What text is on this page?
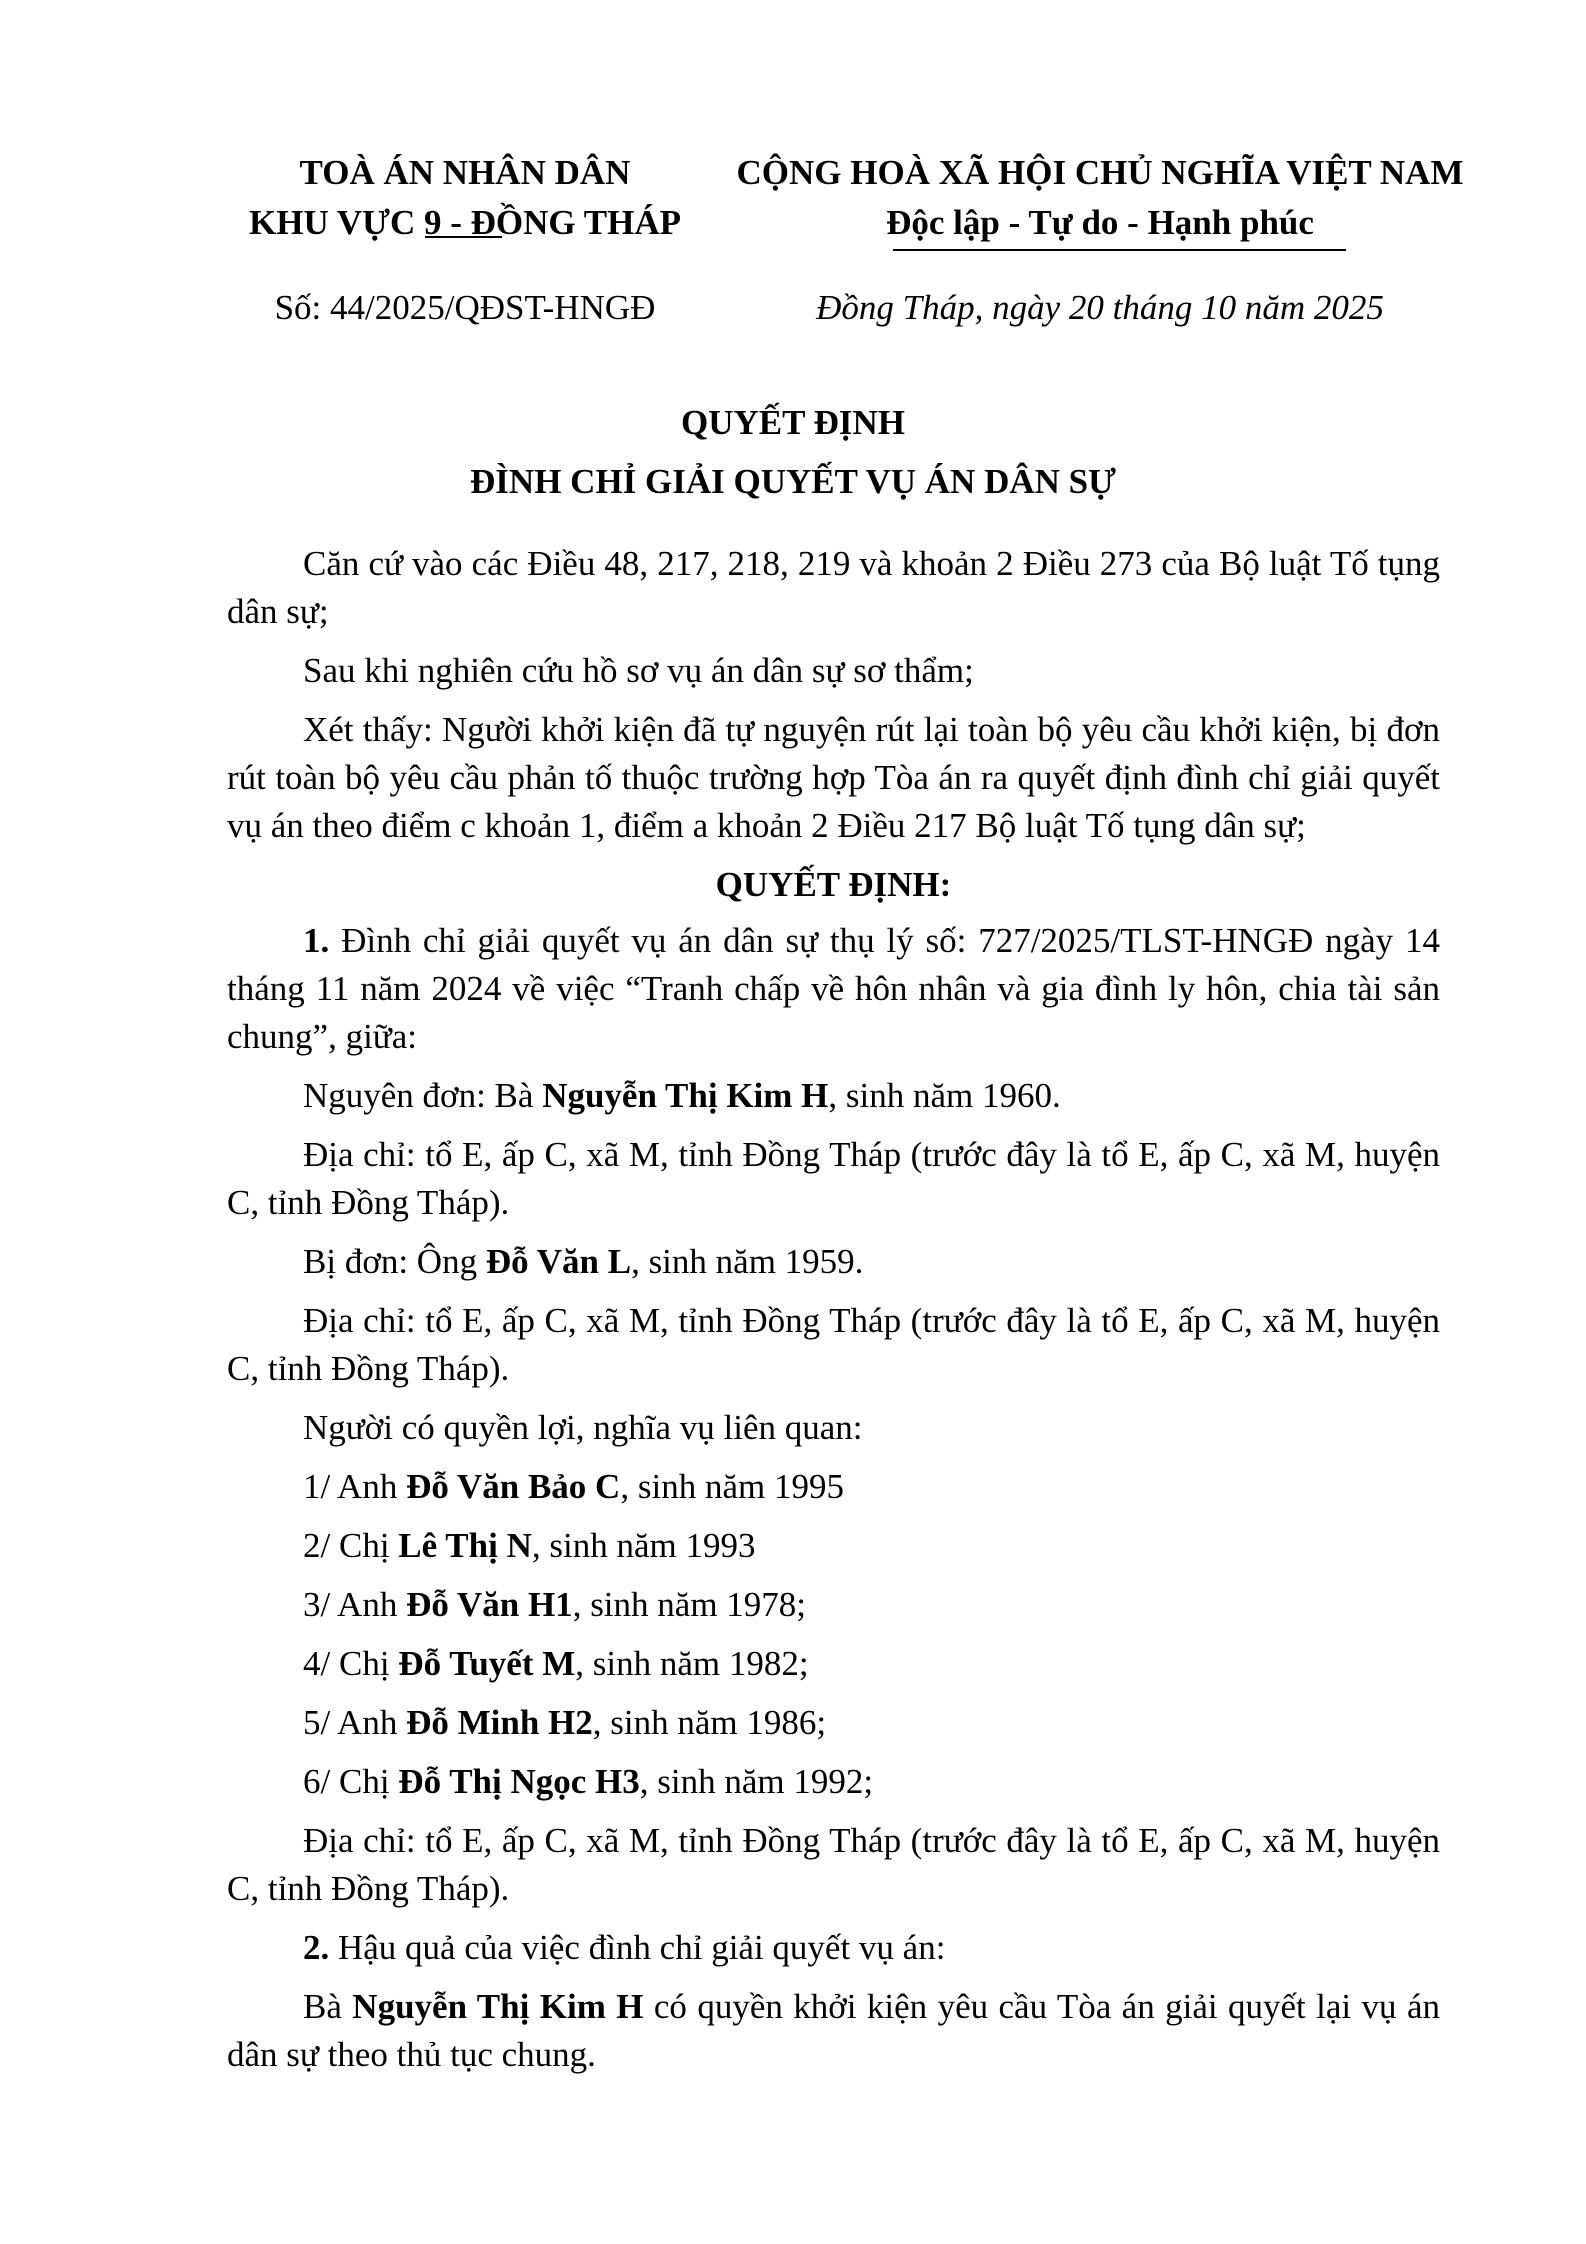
TOÀ ÁN NHÂN DÂN
KHU VỰC 9 - ĐỒNG THÁP
CỘNG HOÀ XÃ HỘI CHỦ NGHĨA VIỆT NAM
Độc lập - Tự do - Hạnh phúc
Số: 44/2025/QĐST-HNGĐ	Đồng Tháp, ngày 20 tháng 10 năm 2025
QUYẾT ĐỊNH
ĐÌNH CHỈ GIẢI QUYẾT VỤ ÁN DÂN SỰ

Căn cứ vào các Điều 48, 217, 218, 219 và khoản 2 Điều 273 của Bộ luật Tố tụng dân sự;

Sau khi nghiên cứu hồ sơ vụ án dân sự sơ thẩm;

Xét thấy: Người khởi kiện đã tự nguyện rút lại toàn bộ yêu cầu khởi kiện, bị đơn rút toàn bộ yêu cầu phản tố thuộc trường hợp Tòa án ra quyết định đình chỉ giải quyết vụ án theo điểm c khoản 1, điểm a khoản 2 Điều 217 Bộ luật Tố tụng dân sự;

QUYẾT ĐỊNH:

1. Đình chỉ giải quyết vụ án dân sự thụ lý số: 727/2025/TLST-HNGĐ ngày 14 tháng 11 năm 2024 về việc “Tranh chấp về hôn nhân và gia đình ly hôn, chia tài sản chung”, giữa:

Nguyên đơn: Bà Nguyễn Thị Kim H, sinh năm 1960.

Địa chỉ: tổ E, ấp C, xã M, tỉnh Đồng Tháp (trước đây là tổ E, ấp C, xã M, huyện C, tỉnh Đồng Tháp).

Bị đơn: Ông Đỗ Văn L, sinh năm 1959.

Địa chỉ: tổ E, ấp C, xã M, tỉnh Đồng Tháp (trước đây là tổ E, ấp C, xã M, huyện C, tỉnh Đồng Tháp).

Người có quyền lợi, nghĩa vụ liên quan:

1/ Anh Đỗ Văn Bảo C, sinh năm 1995

2/ Chị Lê Thị N, sinh năm 1993

3/ Anh Đỗ Văn H1, sinh năm 1978;

4/ Chị Đỗ Tuyết M, sinh năm 1982;

5/ Anh Đỗ Minh H2, sinh năm 1986;

6/ Chị Đỗ Thị Ngọc H3, sinh năm 1992;

Địa chỉ: tổ E, ấp C, xã M, tỉnh Đồng Tháp (trước đây là tổ E, ấp C, xã M, huyện C, tỉnh Đồng Tháp).

2. Hậu quả của việc đình chỉ giải quyết vụ án:

Bà Nguyễn Thị Kim H có quyền khởi kiện yêu cầu Tòa án giải quyết lại vụ án dân sự theo thủ tục chung.
